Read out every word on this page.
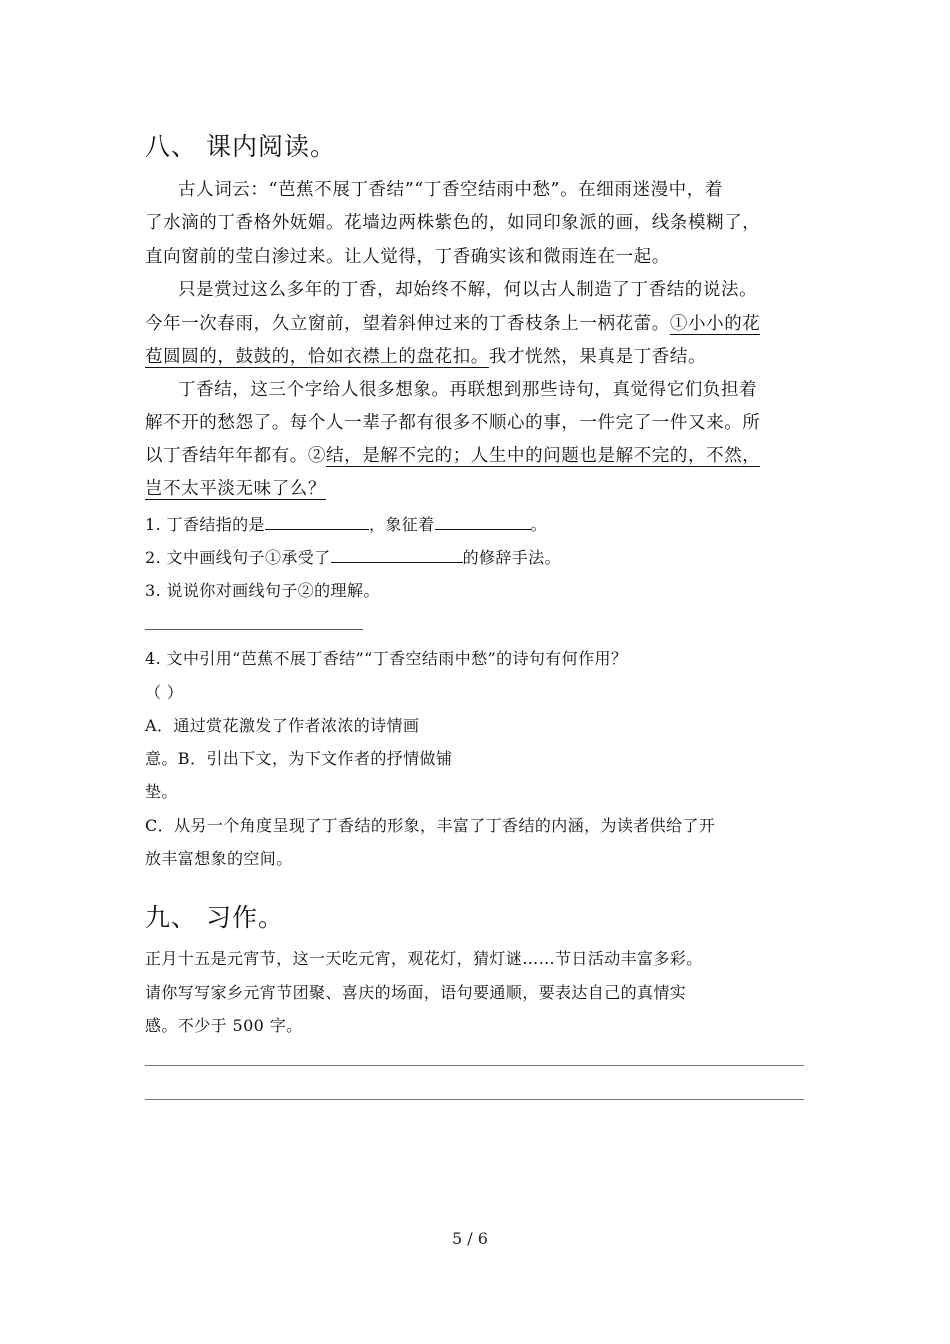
八、 课内阅读。
古人词云：“芭蕉不展丁香结”“丁香空结雨中愁”。在细雨迷漫中，着
了水滴的丁香格外妩媚。花墙边两株紫色的，如同印象派的画，线条模糊了，
直向窗前的莹白渗过来。让人觉得，丁香确实该和微雨连在一起。
只是赏过这么多年的丁香，却始终不解，何以古人制造了丁香结的说法。
今年一次春雨，久立窗前，望着斜伸过来的丁香枝条上一柄花蕾。①小小的花
苞圆圆的，鼓鼓的，恰如衣襟上的盘花扣。我才恍然，果真是丁香结。
丁香结，这三个字给人很多想象。再联想到那些诗句，真觉得它们负担着
解不开的愁怨了。每个人一辈子都有很多不顺心的事，一件完了一件又来。所
以丁香结年年都有。②结，是解不完的；人生中的问题也是解不完的，不然，
岂不太平淡无味了么？
1. 丁香结指的是	，象征着	。
2. 文中画线句子①承受了	的修辞手法。
3. 说说你对画线句子②的理解。
4. 文中引用“芭蕉不展丁香结”“丁香空结雨中愁”的诗句有何作用？
（ ）
A．通过赏花激发了作者浓浓的诗情画
意。B．引出下文，为下文作者的抒情做铺
垫。
C．从另一个角度呈现了丁香结的形象，丰富了丁香结的内涵，为读者供给了开
放丰富想象的空间。
九、 习作。
正月十五是元宵节，这一天吃元宵，观花灯，猜灯谜……节日活动丰富多彩。
请你写写家乡元宵节团聚、喜庆的场面，语句要通顺，要表达自己的真情实
感。不少于 500 字。
5 / 6
